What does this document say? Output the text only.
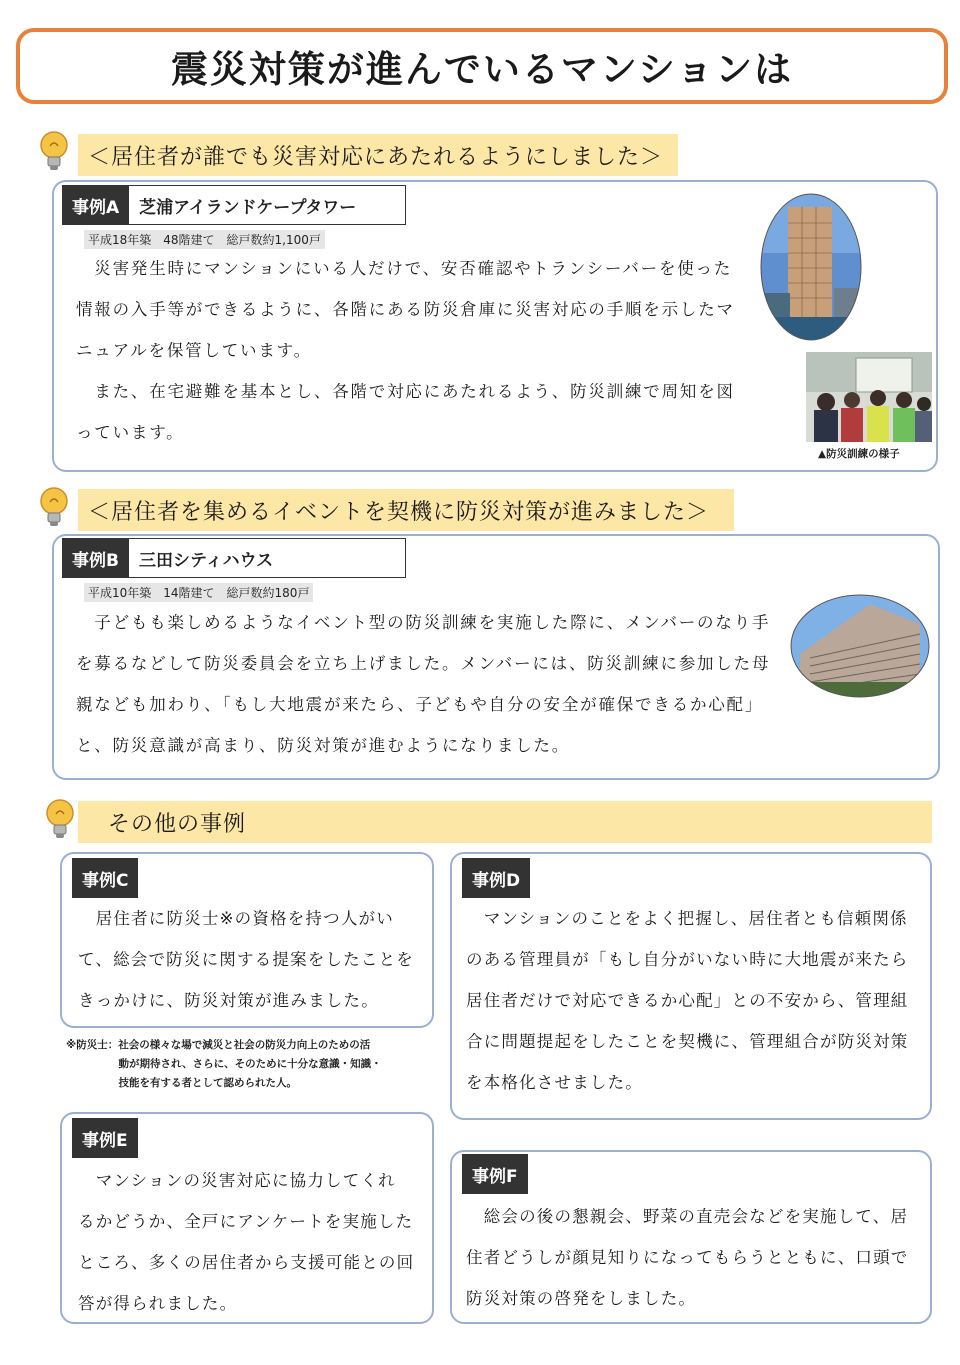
震災対策が進んでいるマンションは
＜居住者が誰でも災害対応にあたれるようにしました＞
事例A	芝浦アイランドケープタワー
平成18年築　48階建て　総戸数約1,100戸
　災害発生時にマンションにいる人だけで、安否確認やトランシーバーを使った
情報の入手等ができるように、各階にある防災倉庫に災害対応の手順を示したマ
ニュアルを保管しています。
　また、在宅避難を基本とし、各階で対応にあたれるよう、防災訓練で周知を図
っています。
▲防災訓練の様子
＜居住者を集めるイベントを契機に防災対策が進みました＞
事例B	三田シティハウス
平成10年築　14階建て　総戸数約180戸
　子どもも楽しめるようなイベント型の防災訓練を実施した際に、メンバーのなり手
を募るなどして防災委員会を立ち上げました。メンバーには、防災訓練に参加した母
親なども加わり、「もし大地震が来たら、子どもや自分の安全が確保できるか心配」
と、防災意識が高まり、防災対策が進むようになりました。
その他の事例
事例C
　居住者に防災士※の資格を持つ人がい
て、総会で防災に関する提案をしたことを
きっかけに、防災対策が進みました。
※防災士：社会の様々な場で減災と社会の防災力向上のための活
　　　　　動が期待され、さらに、そのために十分な意識・知識・
　　　　　技能を有する者として認められた人。
事例D
　マンションのことをよく把握し、居住者とも信頼関係
のある管理員が「もし自分がいない時に大地震が来たら
居住者だけで対応できるか心配」との不安から、管理組
合に問題提起をしたことを契機に、管理組合が防災対策
を本格化させました。
事例E
　マンションの災害対応に協力してくれ
るかどうか、全戸にアンケートを実施した
ところ、多くの居住者から支援可能との回
答が得られました。
事例F
　総会の後の懇親会、野菜の直売会などを実施して、居
住者どうしが顔見知りになってもらうとともに、口頭で
防災対策の啓発をしました。
